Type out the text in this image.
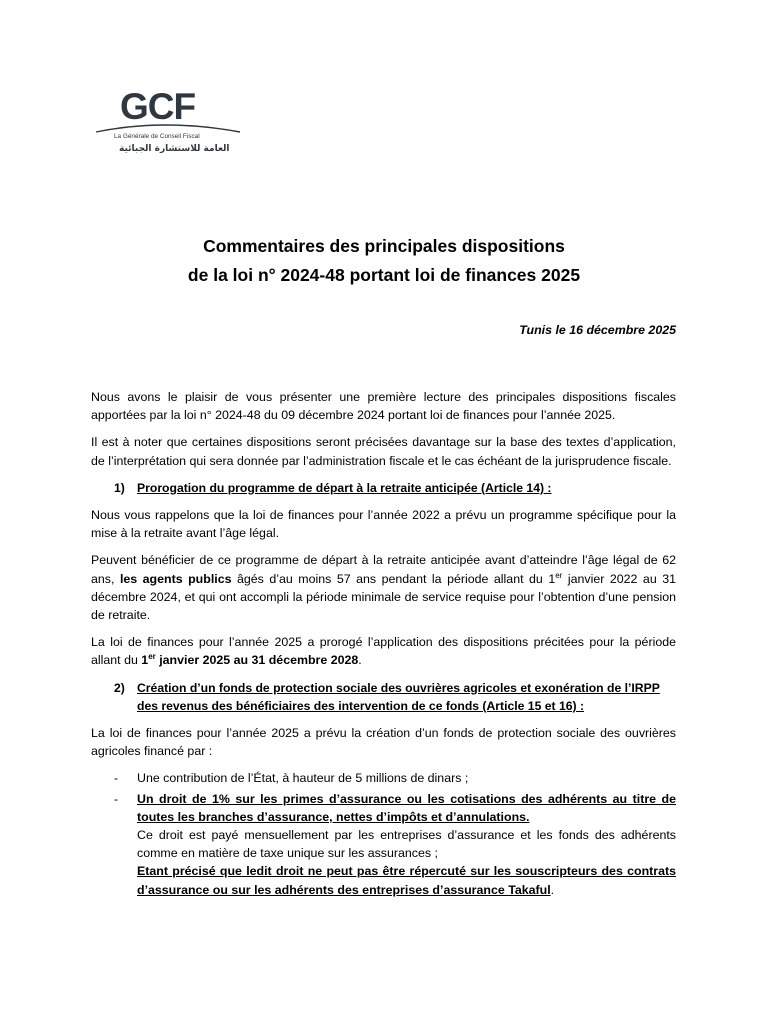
GCF
La Générale de Conseil Fiscal
العامة للاستشارة الجبائية
Commentaires des principales dispositions
de la loi n° 2024-48 portant loi de finances 2025
Tunis le 16 décembre 2025

Nous avons le plaisir de vous présenter une première lecture des principales dispositions fiscales apportées par la loi n° 2024-48 du 09 décembre 2024 portant loi de finances pour l’année 2025.

Il est à noter que certaines dispositions seront précisées davantage sur la base des textes d’application, de l’interprétation qui sera donnée par l’administration fiscale et le cas échéant de la jurisprudence fiscale.

1) Prorogation du programme de départ à la retraite anticipée (Article 14) :

Nous vous rappelons que la loi de finances pour l’année 2022 a prévu un programme spécifique pour la mise à la retraite avant l’âge légal.

Peuvent bénéficier de ce programme de départ à la retraite anticipée avant d’atteindre l’âge légal de 62 ans, les agents publics âgés d’au moins 57 ans pendant la période allant du 1er janvier 2022 au 31 décembre 2024, et qui ont accompli la période minimale de service requise pour l’obtention d’une pension de retraite.

La loi de finances pour l’année 2025 a prorogé l’application des dispositions précitées pour la période allant du 1er janvier 2025 au 31 décembre 2028.

2) Création d’un fonds de protection sociale des ouvrières agricoles et exonération de l’IRPP des revenus des bénéficiaires des intervention de ce fonds (Article 15 et 16) :

La loi de finances pour l’année 2025 a prévu la création d’un fonds de protection sociale des ouvrières agricoles financé par :

-	Une contribution de l’État, à hauteur de 5 millions de dinars ;
-	Un droit de 1% sur les primes d’assurance ou les cotisations des adhérents au titre de toutes les branches d’assurance, nettes d’impôts et d’annulations.
Ce droit est payé mensuellement par les entreprises d’assurance et les fonds des adhérents comme en matière de taxe unique sur les assurances ;
Etant précisé que ledit droit ne peut pas être répercuté sur les souscripteurs des contrats d’assurance ou sur les adhérents des entreprises d’assurance Takaful.
